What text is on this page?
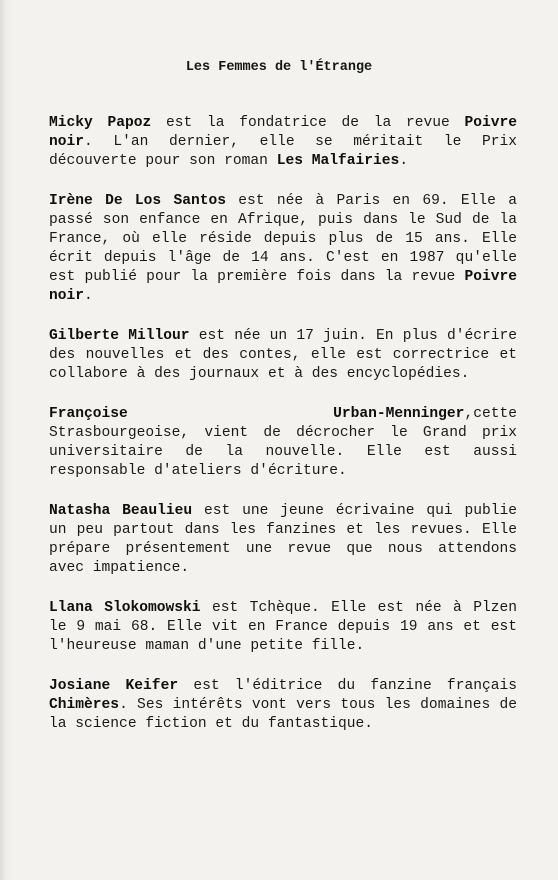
Les Femmes de l'Étrange

Micky Papoz est la fondatrice de la revue Poivre noir. L'an dernier, elle se méritait le Prix découverte pour son roman Les Malfairies.

Irène De Los Santos est née à Paris en 69. Elle a passé son enfance en Afrique, puis dans le Sud de la France, où elle réside depuis plus de 15 ans. Elle écrit depuis l'âge de 14 ans. C'est en 1987 qu'elle est publié pour la première fois dans la revue Poivre noir.

Gilberte Millour est née un 17 juin. En plus d'écrire des nouvelles et des contes, elle est correctrice et collabore à des journaux et à des encyclopédies.

Françoise	Urban-Menninger,cette
Strasbourgeoise, vient de décrocher le Grand prix universitaire de la nouvelle. Elle est aussi responsable d'ateliers d'écriture.

Natasha Beaulieu est une jeune écrivaine qui publie un peu partout dans les fanzines et les revues. Elle prépare présentement une revue que nous attendons avec impatience.

Llana Slokomowski est Tchèque. Elle est née à Plzen le 9 mai 68. Elle vit en France depuis 19 ans et est l'heureuse maman d'une petite fille.

Josiane Keifer est l'éditrice du fanzine français Chimères. Ses intérêts vont vers tous les domaines de la science fiction et du fantastique.
